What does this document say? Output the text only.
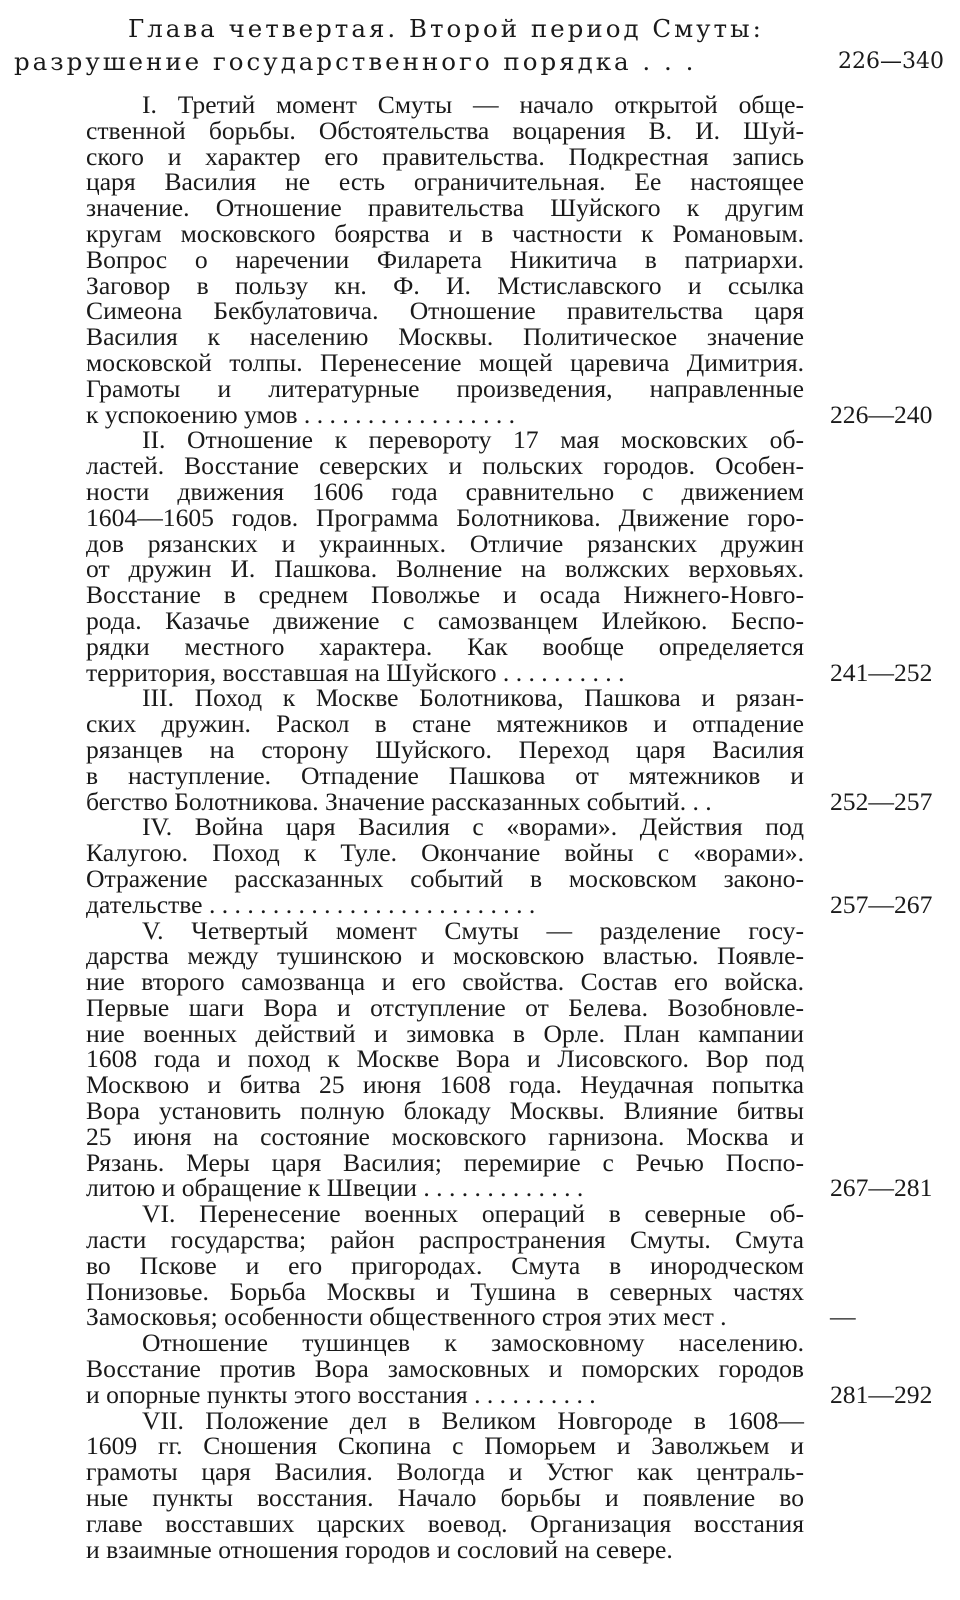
Глава четвертая. Второй период Смуты:
разрушение государственного порядка . . .	226—340
I. Третий момент Смуты — начало открытой обще-
ственной борьбы. Обстоятельства воцарения В. И. Шуй-
ского и характер его правительства. Подкрестная запись
царя Василия не есть ограничительная. Ее настоящее
значение. Отношение правительства Шуйского к другим
кругам московского боярства и в частности к Романовым.
Вопрос о наречении Филарета Никитича в патриархи.
Заговор в пользу кн. Ф. И. Мстиславского и ссылка
Симеона Бекбулатовича. Отношение правительства царя
Василия к населению Москвы. Политическое значение
московской толпы. Перенесение мощей царевича Димитрия.
Грамоты и литературные произведения, направленные
к успокоению умов . . . . . . . . . . . . . . . . .	226—240
II. Отношение к перевороту 17 мая московских об-
ластей. Восстание северских и польских городов. Особен-
ности движения 1606 года сравнительно с движением
1604—1605 годов. Программа Болотникова. Движение горо-
дов рязанских и украинных. Отличие рязанских дружин
от дружин И. Пашкова. Волнение на волжских верховьях.
Восстание в среднем Поволжье и осада Нижнего-Новго-
рода. Казачье движение с самозванцем Илейкою. Беспо-
рядки местного характера. Как вообще определяется
территория, восставшая на Шуйского . . . . . . . . . .	241—252
III. Поход к Москве Болотникова, Пашкова и рязан-
ских дружин. Раскол в стане мятежников и отпадение
рязанцев на сторону Шуйского. Переход царя Василия
в наступление. Отпадение Пашкова от мятежников и
бегство Болотникова. Значение рассказанных событий. . .	252—257
IV. Война царя Василия с «ворами». Действия под
Калугою. Поход к Туле. Окончание войны с «ворами».
Отражение рассказанных событий в московском законо-
дательстве . . . . . . . . . . . . . . . . . . . . . . . . . .	257—267
V. Четвертый момент Смуты — разделение госу-
дарства между тушинскою и московскою властью. Появле-
ние второго самозванца и его свойства. Состав его войска.
Первые шаги Вора и отступление от Белева. Возобновле-
ние военных действий и зимовка в Орле. План кампании
1608 года и поход к Москве Вора и Лисовского. Вор под
Москвою и битва 25 июня 1608 года. Неудачная попытка
Вора установить полную блокаду Москвы. Влияние битвы
25 июня на состояние московского гарнизона. Москва и
Рязань. Меры царя Василия; перемирие с Речью Поспо-
литою и обращение к Швеции . . . . . . . . . . . . .	267—281
VI. Перенесение военных операций в северные об-
ласти государства; район распространения Смуты. Смута
во Пскове и его пригородах. Смута в инородческом
Понизовье. Борьба Москвы и Тушина в северных частях
Замосковья; особенности общественного строя этих мест .	—
Отношение тушинцев к замосковному населению.
Восстание против Вора замосковных и поморских городов
и опорные пункты этого восстания . . . . . . . . . .	281—292
VII. Положение дел в Великом Новгороде в 1608—
1609 гг. Сношения Скопина с Поморьем и Заволжьем и
грамоты царя Василия. Вологда и Устюг как централь-
ные пункты восстания. Начало борьбы и появление во
главе восставших царских воевод. Организация восстания
и взаимные отношения городов и сословий на севере.
